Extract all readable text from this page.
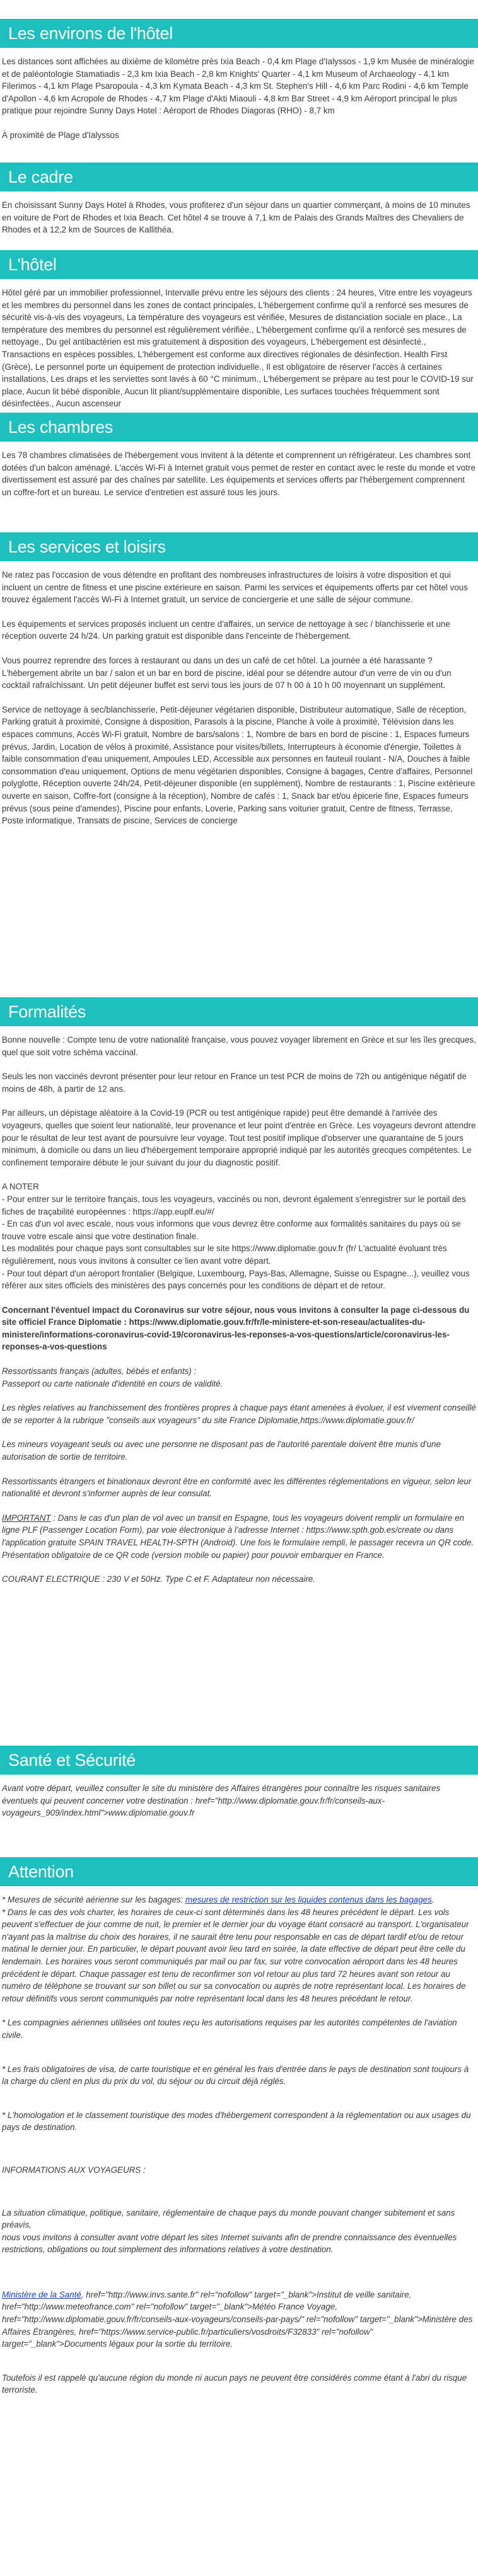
Les environs de l'hôtel

Les distances sont affichées au dixième de kilomètre près Ixia Beach - 0,4 km Plage d'Ialyssos - 1,9 km Musée de minéralogie et de paléontologie Stamatiadis - 2,3 km Ixia Beach - 2,8 km Knights' Quarter - 4,1 km Museum of Archaeology - 4,1 km Filerimos - 4,1 km Plage Psaropoula - 4,3 km Kymata Beach - 4,3 km St. Stephen's Hill - 4,6 km Parc Rodini - 4,6 km Temple d'Apollon - 4,6 km Acropole de Rhodes - 4,7 km Plage d'Akti Miaouli - 4,8 km Bar Street - 4,9 km Aéroport principal le plus pratique pour rejoindre Sunny Days Hotel : Aéroport de Rhodes Diagoras (RHO) - 8,7 km

À proximité de Plage d'Ialyssos

Le cadre

En choisissant Sunny Days Hotel à Rhodes, vous profiterez d'un séjour dans un quartier commerçant, à moins de 10 minutes en voiture de Port de Rhodes et Ixia Beach. Cet hôtel 4 se trouve à 7,1 km de Palais des Grands Maîtres des Chevaliers de Rhodes et à 12,2 km de Sources de Kallithéa.

L'hôtel

Hôtel géré par un immobilier professionnel, Intervalle prévu entre les séjours des clients : 24 heures, Vitre entre les voyageurs et les membres du personnel dans les zones de contact principales, L'hébergement confirme qu'il a renforcé ses mesures de sécurité vis-à-vis des voyageurs, La température des voyageurs est vérifiée, Mesures de distanciation sociale en place., La température des membres du personnel est régulièrement vérifiée., L'hébergement confirme qu'il a renforcé ses mesures de nettoyage., Du gel antibactérien est mis gratuitement à disposition des voyageurs, L'hébergement est désinfecté., Transactions en espèces possibles, L'hébergement est conforme aux directives régionales de désinfection. Health First (Grèce), Le personnel porte un équipement de protection individuelle., Il est obligatoire de réserver l'accès à certaines installations, Les draps et les serviettes sont lavés à 60 °C minimum., L'hébergement se prépare au test pour le COVID-19 sur place, Aucun lit bébé disponible, Aucun lit pliant/supplémentaire disponible, Les surfaces touchées fréquemment sont désinfectées., Aucun ascenseur

Les chambres

Les 78 chambres climatisées de l'hébergement vous invitent à la détente et comprennent un réfrigérateur. Les chambres sont dotées d'un balcon aménagé. L'accès Wi-Fi à Internet gratuit vous permet de rester en contact avec le reste du monde et votre divertissement est assuré par des chaînes par satellite. Les équipements et services offerts par l'hébergement comprennent un coffre-fort et un bureau. Le service d'entretien est assuré tous les jours.

Les services et loisirs

Ne ratez pas l'occasion de vous détendre en profitant des nombreuses infrastructures de loisirs à votre disposition et qui incluent un centre de fitness et une piscine extérieure en saison. Parmi les services et équipements offerts par cet hôtel vous trouvez également l'accès Wi-Fi à Internet gratuit, un service de conciergerie et une salle de séjour commune.

Les équipements et services proposés incluent un centre d'affaires, un service de nettoyage à sec / blanchisserie et une réception ouverte 24 h/24. Un parking gratuit est disponible dans l'enceinte de l'hébergement.

Vous pourrez reprendre des forces à restaurant ou dans un des un café de cet hôtel. La journée a été harassante ? L'hébergement abrite un bar / salon et un bar en bord de piscine, idéal pour se détendre autour d'un verre de vin ou d'un cocktail rafraîchissant. Un petit déjeuner buffet est servi tous les jours de 07 h 00 à 10 h 00 moyennant un supplément.

Service de nettoyage à sec/blanchisserie, Petit-déjeuner végétarien disponible, Distributeur automatique, Salle de réception, Parking gratuit à proximité, Consigne à disposition, Parasols à la piscine, Planche à voile à proximité, Télévision dans les espaces communs, Accès Wi-Fi gratuit, Nombre de bars/salons : 1, Nombre de bars en bord de piscine : 1, Espaces fumeurs prévus, Jardin, Location de vélos à proximité, Assistance pour visites/billets, Interrupteurs à économie d'énergie, Toilettes à faible consommation d'eau uniquement, Ampoules LED, Accessible aux personnes en fauteuil roulant - N/A, Douches à faible consommation d'eau uniquement, Options de menu végétarien disponibles, Consigne à bagages, Centre d'affaires, Personnel polyglotte, Réception ouverte 24h/24, Petit-déjeuner disponible (en supplément), Nombre de restaurants : 1, Piscine extérieure ouverte en saison, Coffre-fort (consigne à la réception), Nombre de cafés : 1, Snack bar et/ou épicerie fine, Espaces fumeurs prévus (sous peine d'amendes), Piscine pour enfants, Loverie, Parking sans voiturier gratuit, Centre de fitness, Terrasse, Poste informatique, Transats de piscine, Services de concierge

Formalités

Bonne nouvelle : Compte tenu de votre nationalité française, vous pouvez voyager librement en Grèce et sur les îles grecques, quel que soit votre schéma vaccinal.

Seuls les non vaccinés devront présenter pour leur retour en France un test PCR de moins de 72h ou antigénique négatif de moins de 48h, à partir de 12 ans.

Par ailleurs, un dépistage aléatoire à la Covid-19 (PCR ou test antigénique rapide) peut être demandé à l'arrivée des voyageurs, quelles que soient leur nationalité, leur provenance et leur point d'entrée en Grèce. Les voyageurs devront attendre pour le résultat de leur test avant de poursuivre leur voyage. Tout test positif implique d'observer une quarantaine de 5 jours minimum, à domicile ou dans un lieu d'hébergement temporaire approprié indiqué par les autorités grecques compétentes. Le confinement temporaire débute le jour suivant du jour du diagnostic positif.

A NOTER

- Pour entrer sur le territoire français, tous les voyageurs, vaccinés ou non, devront également s'enregistrer sur le portail des fiches de traçabilité européennes : https://app.euplf.eu/#/

- En cas d'un vol avec escale, nous vous informons que vous devrez être conforme aux formalités sanitaires du pays où se trouve votre escale ainsi que votre destination finale.

Les modalités pour chaque pays sont consultables sur le site https://www.diplomatie.gouv.fr (fr/ L'actualité évoluant très régulièrement, nous vous invitons à consulter ce lien avant votre départ.

- Pour tout départ d'un aéroport frontalier (Belgique, Luxembourg, Pays-Bas, Allemagne, Suisse ou Espagne...), veuillez vous référer aux sites officiels des ministères des pays concernés pour les conditions de départ et de retour.

Concernant l'éventuel impact du Coronavirus sur votre séjour, nous vous invitons à consulter la page ci-dessous du site officiel France Diplomatie : https://www.diplomatie.gouv.fr/fr/le-ministere-et-son-reseau/actualites-du-ministere/informations-coronavirus-covid-19/coronavirus-les-reponses-a-vos-questions/article/coronavirus-les-reponses-a-vos-questions

Ressortissants français (adultes, bébés et enfants) :

Passeport ou carte nationale d'identité en cours de validité.

Les règles relatives au franchissement des frontières propres à chaque pays étant amenées à évoluer, il est vivement conseillé de se reporter à la rubrique "conseils aux voyageurs" du site France Diplomatie,https://www.diplomatie.gouv.fr/

Les mineurs voyageant seuls ou avec une personne ne disposant pas de l'autorité parentale doivent être munis d'une autorisation de sortie de territoire.

Ressortissants étrangers et binationaux devront être en conformité avec les différentes réglementations en vigueur, selon leur nationalité et devront s'informer auprès de leur consulat.

IMPORTANT : Dans le cas d'un plan de vol avec un transit en Espagne, tous les voyageurs doivent remplir un formulaire en ligne PLF (Passenger Location Form), par voie électronique à l'adresse Internet : https://www.spth.gob.es/create ou dans l'application gratuite SPAIN TRAVEL HEALTH-SPTH (Android). Une fois le formulaire rempli, le passager recevra un QR code. Présentation obligatoire de ce QR code (version mobile ou papier) pour pouvoir embarquer en France.

COURANT ELECTRIQUE : 230 V et 50Hz. Type C et F. Adaptateur non nécessaire.

Santé et Sécurité

Avant votre départ, veuillez consulter le site du ministère des Affaires étrangères pour connaître les risques sanitaires éventuels qui peuvent concerner votre destination : href="http://www.diplomatie.gouv.fr/fr/conseils-aux-voyageurs_909/index.html">www.diplomatie.gouv.fr

Attention

* Mesures de sécurité aérienne sur les bagages: mesures de restriction sur les liquides contenus dans les bagages.

* Dans le cas des vols charter, les horaires de ceux-ci sont déterminés dans les 48 heures précédent le départ. Les vols peuvent s'effectuer de jour comme de nuit, le premier et le dernier jour du voyage étant consacré au transport. L'organisateur n'ayant pas la maîtrise du choix des horaires, il ne saurait être tenu pour responsable en cas de départ tardif et/ou de retour matinal le dernier jour. En particulier, le départ pouvant avoir lieu tard en soirée, la date effective de départ peut être celle du lendemain. Les horaires vous seront communiqués par mail ou par fax, sur votre convocation aéroport dans les 48 heures précédent le départ. Chaque passager est tenu de reconfirmer son vol retour au plus tard 72 heures avant son retour au numéro de téléphone se trouvant sur son billet ou sur sa convocation ou auprès de notre représentant local. Les horaires de retour définitifs vous seront communiqués par notre représentant local dans les 48 heures précédant le retour.

* Les compagnies aériennes utilisées ont toutes reçu les autorisations requises par les autorités compétentes de l'aviation civile.

* Les frais obligatoires de visa, de carte touristique et en général les frais d'entrée dans le pays de destination sont toujours à la charge du client en plus du prix du vol, du séjour ou du circuit déjà réglés.

* L'homologation et le classement touristique des modes d'hébergement correspondent à la réglementation ou aux usages du pays de destination.

INFORMATIONS AUX VOYAGEURS :

La situation climatique, politique, sanitaire, réglementaire de chaque pays du monde pouvant changer subitement et sans préavis,

nous vous invitons à consulter avant votre départ les sites Internet suivants afin de prendre connaissance des éventuelles restrictions, obligations ou tout simplement des informations relatives à votre destination.

Ministère de la Santé, href="http://www.invs.sante.fr" rel="nofollow" target="_blank">Institut de veille sanitaire, href="http://www.meteofrance.com" rel="nofollow" target="_blank">Météo France Voyage, href="http://www.diplomatie.gouv.fr/fr/conseils-aux-voyageurs/conseils-par-pays/" rel="nofollow" target="_blank">Ministère des Affaires Étrangères, href="https://www.service-public.fr/particuliers/vosdroits/F32833" rel="nofollow" target="_blank">Documents légaux pour la sortie du territoire.

Toutefois il est rappelé qu'aucune région du monde ni aucun pays ne peuvent être considérés comme étant à l'abri du risque terroriste.
